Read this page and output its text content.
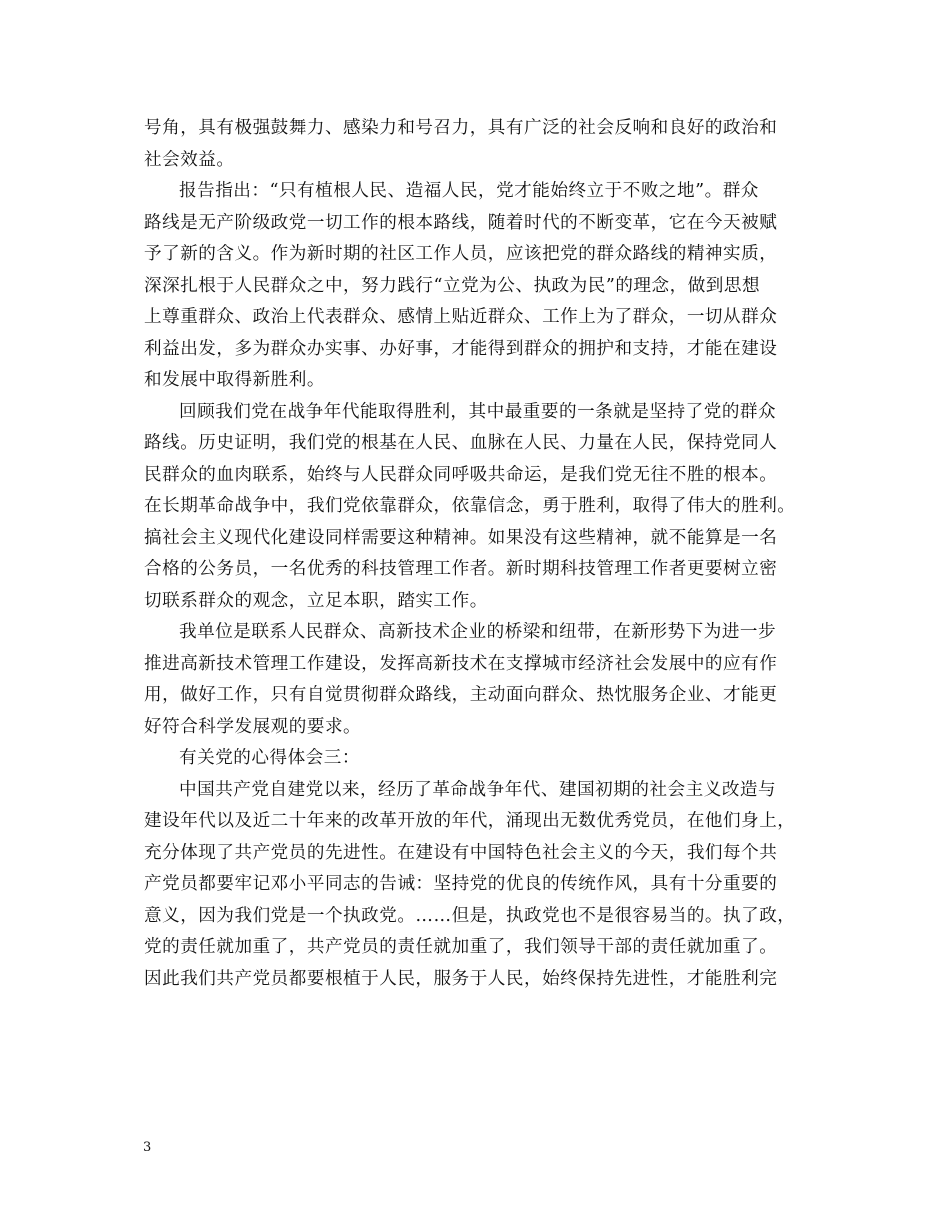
号角，具有极强鼓舞力、感染力和号召力，具有广泛的社会反响和良好的政治和
社会效益。

报告指出：“只有植根人民、造福人民，党才能始终立于不败之地”。群众
路线是无产阶级政党一切工作的根本路线，随着时代的不断变革，它在今天被赋
予了新的含义。作为新时期的社区工作人员，应该把党的群众路线的精神实质，
深深扎根于人民群众之中，努力践行“立党为公、执政为民”的理念，做到思想
上尊重群众、政治上代表群众、感情上贴近群众、工作上为了群众，一切从群众
利益出发，多为群众办实事、办好事，才能得到群众的拥护和支持，才能在建设
和发展中取得新胜利。

回顾我们党在战争年代能取得胜利，其中最重要的一条就是坚持了党的群众
路线。历史证明，我们党的根基在人民、血脉在人民、力量在人民，保持党同人
民群众的血肉联系，始终与人民群众同呼吸共命运，是我们党无往不胜的根本。
在长期革命战争中，我们党依靠群众，依靠信念，勇于胜利，取得了伟大的胜利。
搞社会主义现代化建设同样需要这种精神。如果没有这些精神，就不能算是一名
合格的公务员，一名优秀的科技管理工作者。新时期科技管理工作者更要树立密
切联系群众的观念，立足本职，踏实工作。

我单位是联系人民群众、高新技术企业的桥梁和纽带，在新形势下为进一步
推进高新技术管理工作建设，发挥高新技术在支撑城市经济社会发展中的应有作
用，做好工作，只有自觉贯彻群众路线，主动面向群众、热忱服务企业、才能更
好符合科学发展观的要求。

有关党的心得体会三：

中国共产党自建党以来，经历了革命战争年代、建国初期的社会主义改造与
建设年代以及近二十年来的改革开放的年代，涌现出无数优秀党员，在他们身上，
充分体现了共产党员的先进性。在建设有中国特色社会主义的今天，我们每个共
产党员都要牢记邓小平同志的告诫：坚持党的优良的传统作风，具有十分重要的
意义，因为我们党是一个执政党。……但是，执政党也不是很容易当的。执了政，
党的责任就加重了，共产党员的责任就加重了，我们领导干部的责任就加重了。
因此我们共产党员都要根植于人民，服务于人民，始终保持先进性，才能胜利完

3
